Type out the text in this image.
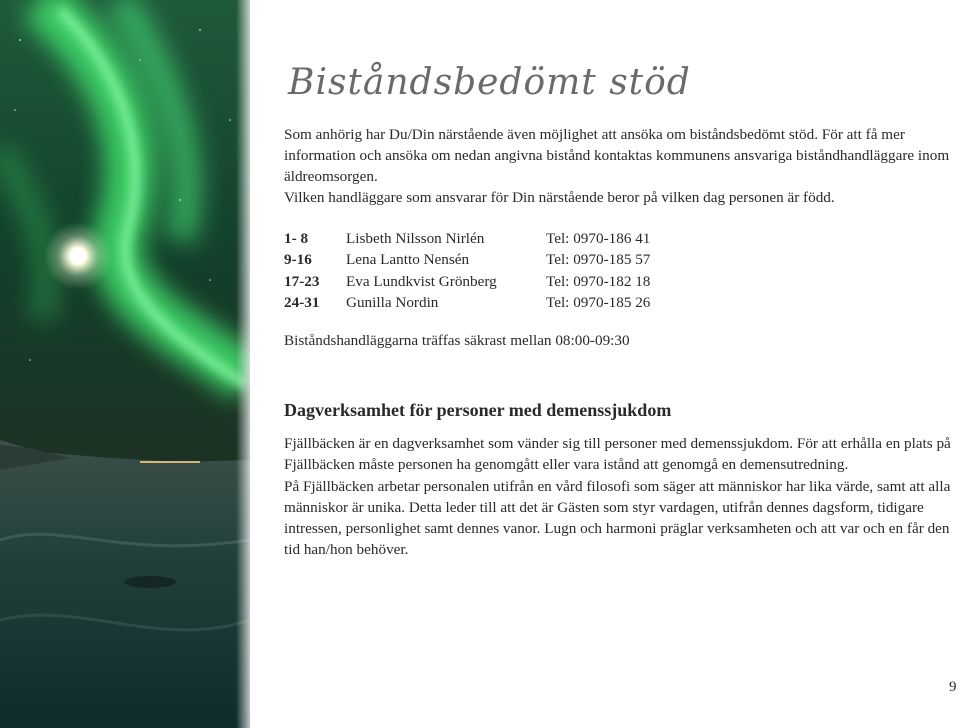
Biståndsbedömt stöd

Som anhörig har Du/Din närstående även möjlighet att ansöka om biståndsbedömt stöd. För att få mer information och ansöka om nedan angivna bistånd kontaktas kommunens ansvariga biståndhandläggare inom äldreomsorgen.

Vilken handläggare som ansvarar för Din närstående beror på vilken dag personen är född.

1- 8	Lisbeth Nilsson Nirlén	Tel: 0970-186 41
9-16	Lena Lantto Nensén	Tel: 0970-185 57
17-23	Eva Lundkvist Grönberg	Tel: 0970-182 18
24-31	Gunilla Nordin	Tel: 0970-185 26
Biståndshandläggarna träffas säkrast mellan 08:00-09:30
Dagverksamhet för personer med demenssjukdom

Fjällbäcken är en dagverksamhet som vänder sig till personer med demenssjukdom. För att erhålla en plats på Fjällbäcken måste personen ha genomgått eller vara istånd att genomgå en demensutredning.

På Fjällbäcken arbetar personalen utifrån en vård filosofi som säger att människor har lika värde, samt att alla människor är unika. Detta leder till att det är Gästen som styr vardagen, utifrån dennes dagsform, tidigare intressen, personlighet samt dennes vanor. Lugn och harmoni präglar verksamheten och att var och en får den tid han/hon behöver.

9
